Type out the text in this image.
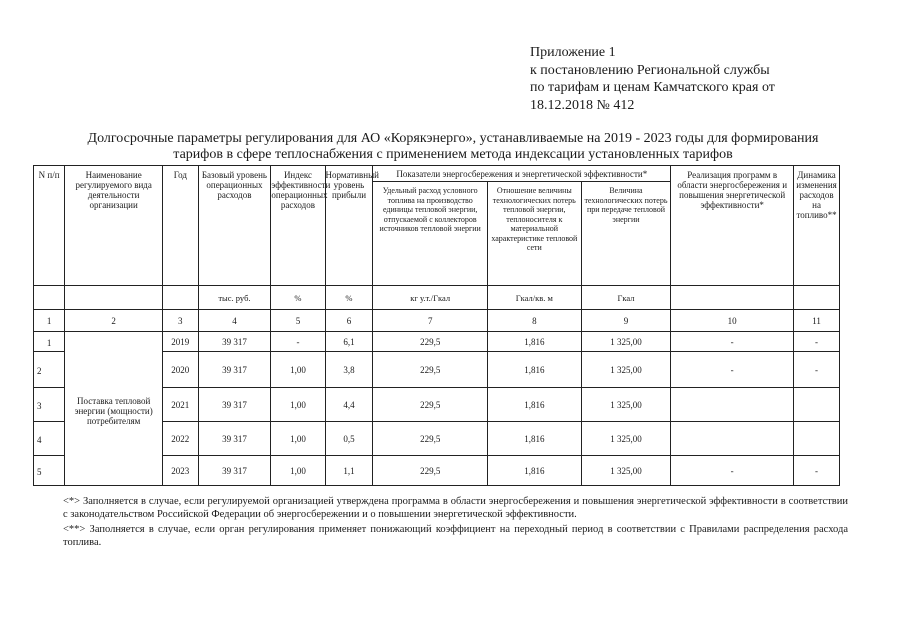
Приложение 1
к постановлению Региональной службы
по тарифам и ценам Камчатского края от
18.12.2018 № 412
Долгосрочные параметры регулирования для АО «Корякэнерго», устанавливаемые на 2019 - 2023 годы для формирования
тарифов в сфере теплоснабжения с применением метода индексации установленных тарифов
N п/п	Наименование регулируемого вида деятельности организации	Год	Базовый уровень операционных расходов	Индекс эффективности операционных расходов	Нормативный уровень прибыли	Показатели энергосбережения и энергетической эффективности*			Реализация программ в области энергосбережения и повышения энергетической эффективности*	Динамика изменения расходов на топливо**
						Удельный расход условного топлива на производство единицы тепловой энергии, отпускаемой с коллекторов источников тепловой энергии	Отношение величины технологических потерь тепловой энергии, теплоносителя к материальной характеристике тепловой сети	Величина технологических потерь при передаче тепловой энергии		
			тыс. руб.	%	%	кг у.т./Гкал	Гкал/кв. м	Гкал		
1	2	3	4	5	6	7	8	9	10	11
1	Поставка тепловой энергии (мощности) потребителям	2019	39 317	-	6,1	229,5	1,816	1 325,00	-	-
2		2020	39 317	1,00	3,8	229,5	1,816	1 325,00	-	-
3		2021	39 317	1,00	4,4	229,5	1,816	1 325,00		
4		2022	39 317	1,00	0,5	229,5	1,816	1 325,00		
5		2023	39 317	1,00	1,1	229,5	1,816	1 325,00	-	-

<*> Заполняется в случае, если регулируемой организацией утверждена программа в области энергосбережения и повышения энергетической эффективности в соответствии с законодательством Российской Федерации об энергосбережении и о повышении энергетической эффективности.

<**> Заполняется в случае, если орган регулирования применяет понижающий коэффициент на переходный период в соответствии с Правилами распределения расхода топлива.
